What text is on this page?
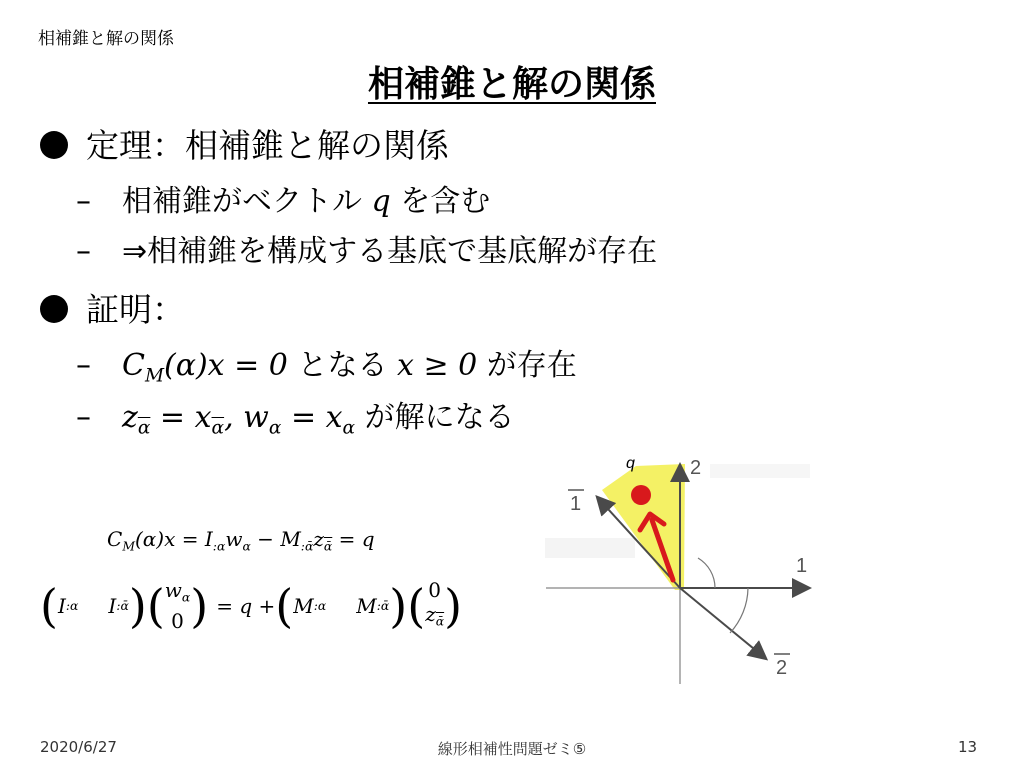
相補錐と解の関係
相補錐と解の関係
定理：相補錐と解の関係
– 相補錐がベクトル q を含む
– ⇒相補錐を構成する基底で基底解が存在
証明：
– $C_M(\alpha)x = 0$ となる x ≥ 0 が存在
– $z_{\overline{\alpha}} = x_{\overline{\alpha}}$, $w_\alpha = x_\alpha$ が解になる
$C_M(\alpha)x = I_{:\alpha}w_\alpha - M_{:ᾱ}z_{\overline{ᾱ}} = q$
( I :α I :ᾱ ) ( $w_\alpha$
0 ) = q + ( M :α M :ᾱ ) ( 0
$z_{\overline{ᾱ}}$ )
q	2
1
1
2
2020/6/27	線形相補性問題ゼミ⑤	13
